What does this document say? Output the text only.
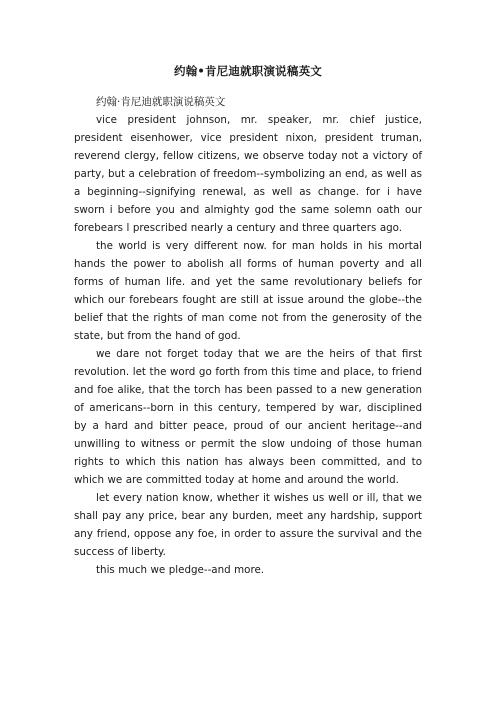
约翰•肯尼迪就职演说稿英文

约翰·肯尼迪就职演说稿英文

vice president johnson, mr. speaker, mr. chief justice, president eisenhower, vice president nixon, president truman, reverend clergy, fellow citizens, we observe today not a victory of party, but a celebration of freedom--symbolizing an end, as well as a beginning--signifying renewal, as well as change. for i have sworn i before you and almighty god the same solemn oath our forebears l prescribed nearly a century and three quarters ago.

the world is very different now. for man holds in his mortal hands the power to abolish all forms of human poverty and all forms of human life. and yet the same revolutionary beliefs for which our forebears fought are still at issue around the globe--the belief that the rights of man come not from the generosity of the state, but from the hand of god.

we dare not forget today that we are the heirs of that first revolution. let the word go forth from this time and place, to friend and foe alike, that the torch has been passed to a new generation of americans--born in this century, tempered by war, disciplined by a hard and bitter peace, proud of our ancient heritage--and unwilling to witness or permit the slow undoing of those human rights to which this nation has always been committed, and to which we are committed today at home and around the world.

let every nation know, whether it wishes us well or ill, that we shall pay any price, bear any burden, meet any hardship, support any friend, oppose any foe, in order to assure the survival and the success of liberty.

this much we pledge--and more.
